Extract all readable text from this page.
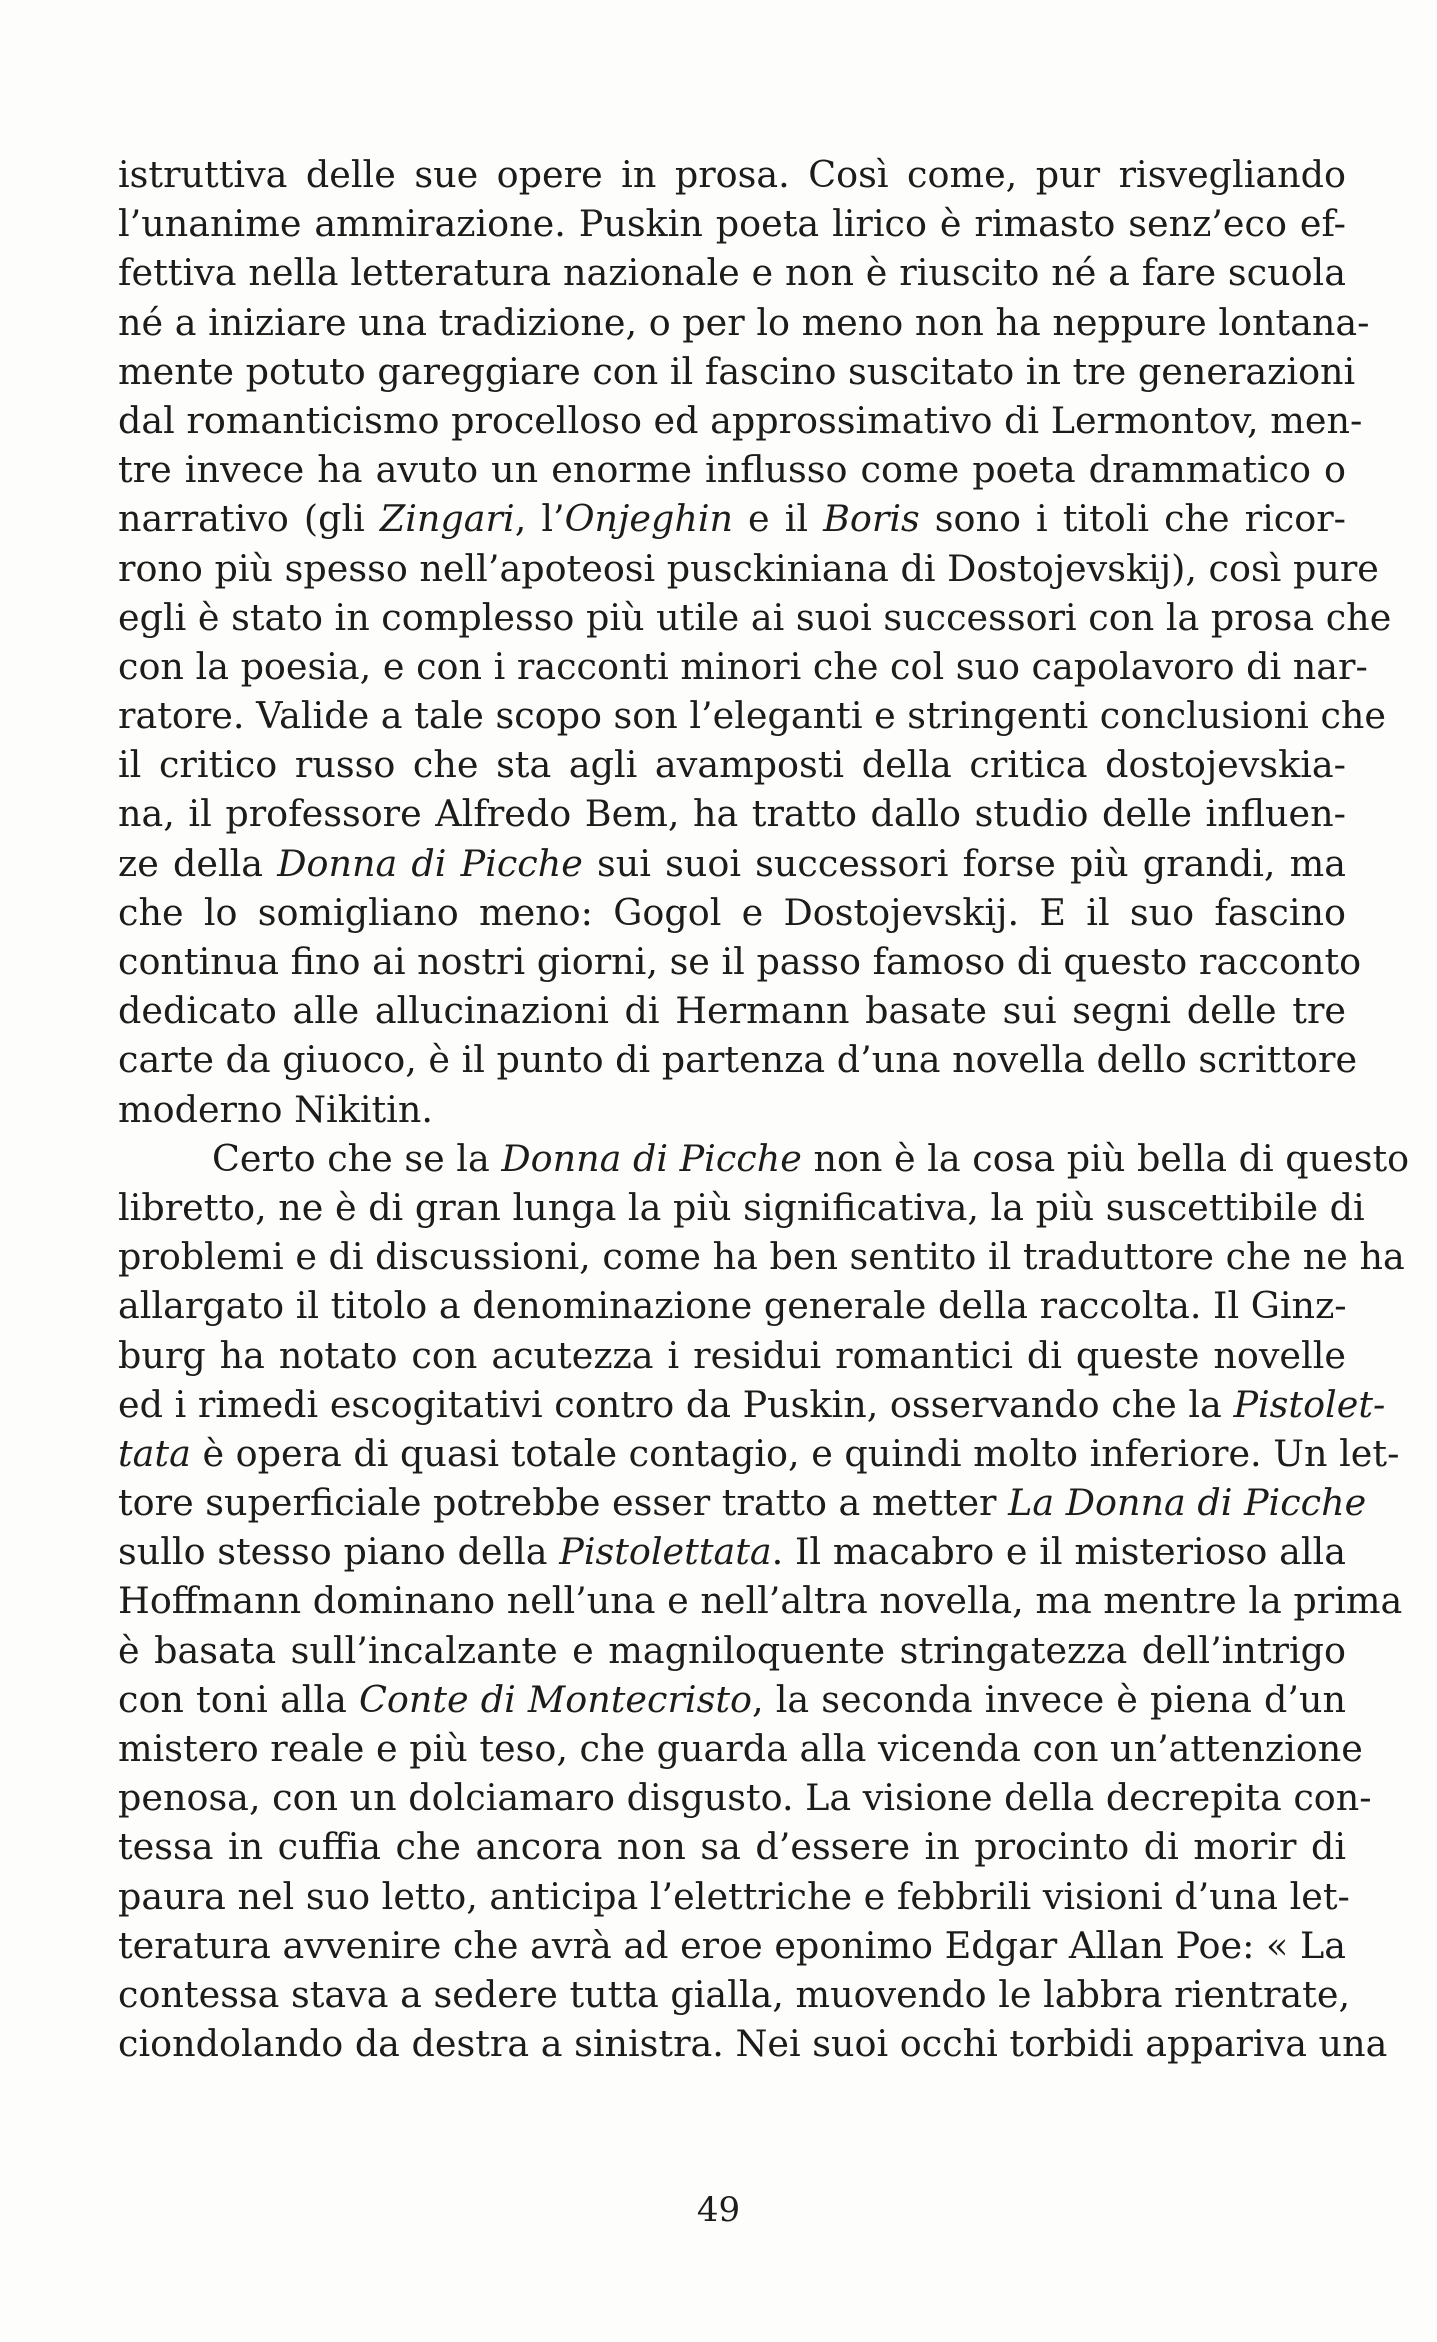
istruttiva delle sue opere in prosa. Così come, pur risvegliando
l’unanime ammirazione. Puskin poeta lirico è rimasto senz’eco ef-
fettiva nella letteratura nazionale e non è riuscito né a fare scuola
né a iniziare una tradizione, o per lo meno non ha neppure lontana-
mente potuto gareggiare con il fascino suscitato in tre generazioni
dal romanticismo procelloso ed approssimativo di Lermontov, men-
tre invece ha avuto un enorme influsso come poeta drammatico o
narrativo (gli Zingari, l’Onjeghin e il Boris sono i titoli che ricor-
rono più spesso nell’apoteosi pusckiniana di Dostojevskij), così pure
egli è stato in complesso più utile ai suoi successori con la prosa che
con la poesia, e con i racconti minori che col suo capolavoro di nar-
ratore. Valide a tale scopo son l’eleganti e stringenti conclusioni che
il critico russo che sta agli avamposti della critica dostojevskia-
na, il professore Alfredo Bem, ha tratto dallo studio delle influen-
ze della Donna di Picche sui suoi successori forse più grandi, ma
che lo somigliano meno: Gogol e Dostojevskij. E il suo fascino
continua fino ai nostri giorni, se il passo famoso di questo racconto
dedicato alle allucinazioni di Hermann basate sui segni delle tre
carte da giuoco, è il punto di partenza d’una novella dello scrittore
moderno Nikitin.
Certo che se la Donna di Picche non è la cosa più bella di questo
libretto, ne è di gran lunga la più significativa, la più suscettibile di
problemi e di discussioni, come ha ben sentito il traduttore che ne ha
allargato il titolo a denominazione generale della raccolta. Il Ginz-
burg ha notato con acutezza i residui romantici di queste novelle
ed i rimedi escogitativi contro da Puskin, osservando che la Pistolet-
tata è opera di quasi totale contagio, e quindi molto inferiore. Un let-
tore superficiale potrebbe esser tratto a metter La Donna di Picche
sullo stesso piano della Pistolettata. Il macabro e il misterioso alla
Hoffmann dominano nell’una e nell’altra novella, ma mentre la prima
è basata sull’incalzante e magniloquente stringatezza dell’intrigo
con toni alla Conte di Montecristo, la seconda invece è piena d’un
mistero reale e più teso, che guarda alla vicenda con un’attenzione
penosa, con un dolciamaro disgusto. La visione della decrepita con-
tessa in cuffia che ancora non sa d’essere in procinto di morir di
paura nel suo letto, anticipa l’elettriche e febbrili visioni d’una let-
teratura avvenire che avrà ad eroe eponimo Edgar Allan Poe: « La
contessa stava a sedere tutta gialla, muovendo le labbra rientrate,
ciondolando da destra a sinistra. Nei suoi occhi torbidi appariva una
49
